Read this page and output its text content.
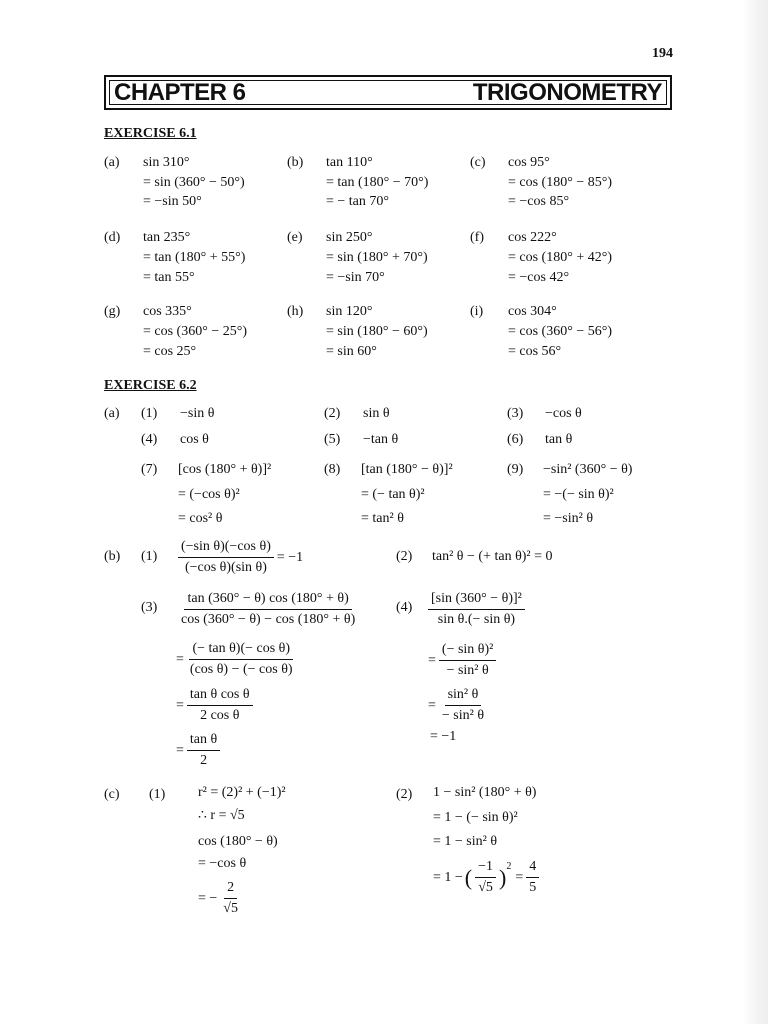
194
CHAPTER 6	TRIGONOMETRY
EXERCISE 6.1
(a) sin 310°
= sin (360° − 50°)
= −sin 50°
(b) tan 110°
= tan (180° − 70°)
= − tan 70°
(c) cos 95°
= cos (180° − 85°)
= −cos 85°
(d) tan 235°
= tan (180° + 55°)
= tan 55°
(e) sin 250°
= sin (180° + 70°)
= −sin 70°
(f) cos 222°
= cos (180° + 42°)
= −cos 42°
(g) cos 335°
= cos (360° − 25°)
= cos 25°
(h) sin 120°
= sin (180° − 60°)
= sin 60°
(i) cos 304°
= cos (360° − 56°)
= cos 56°
EXERCISE 6.2
(a) (1) −sin θ	(2) sin θ	(3) −cos θ
(4) cos θ	(5) −tan θ	(6) tan θ
(7) [cos (180° + θ)]²
= (−cos θ)²
= cos² θ
(8) [tan (180° − θ)]²
= (− tan θ)²
= tan² θ
(9) −sin² (360° − θ)
= −(− sin θ)²
= −sin² θ
(b) $(1) \frac{\text{(−sin θ)(−cos θ)}}{\text{(−cos θ)(sin θ)}} = -1$	(2) tan² θ − (+ tan θ)² = 0
$(3) \frac{\tan (360^\circ - \theta) \cos (180^\circ + \theta)}{\cos (360^\circ - \theta) - \cos (180^\circ + \theta)}$
= $\frac{\text{(− tan θ)(− cos θ)}}{\text{(cos θ) − (− cos θ)}}$
= $\frac{\text{tan θ cos θ}}{\text{2 cos θ}}$
= $\frac{\text{tan θ}}{2}$
$(4) \frac{\text{[sin (360° − θ)]²}}{\text{sin θ.(− sin θ)}}$
= $\frac{\text{(− sin θ)²}}{\text{− sin² θ}}$
= $\frac{\text{sin² θ}}{\text{− sin² θ}}$
= −1
(c) (1) r² = (2)² + (−1)²
∴ r = √5
cos (180° − θ)
= −cos θ
= − $\frac{2}{√5}$
(2) 1 − sin² (180° + θ)
= 1 − (− sin θ)²
= 1 − sin² θ
= 1 − ( $\frac{-1}{√5} )^2$
= $\frac{4}{5}$
